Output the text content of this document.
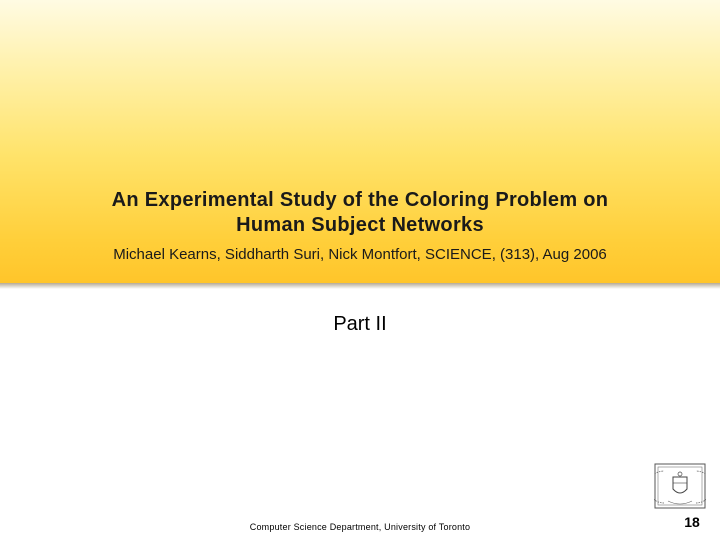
An Experimental Study of the Coloring Problem on
Human Subject Networks
Michael Kearns, Siddharth Suri, Nick Montfort, SCIENCE, (313), Aug 2006
Part II
Computer Science Department, University of Toronto	18
